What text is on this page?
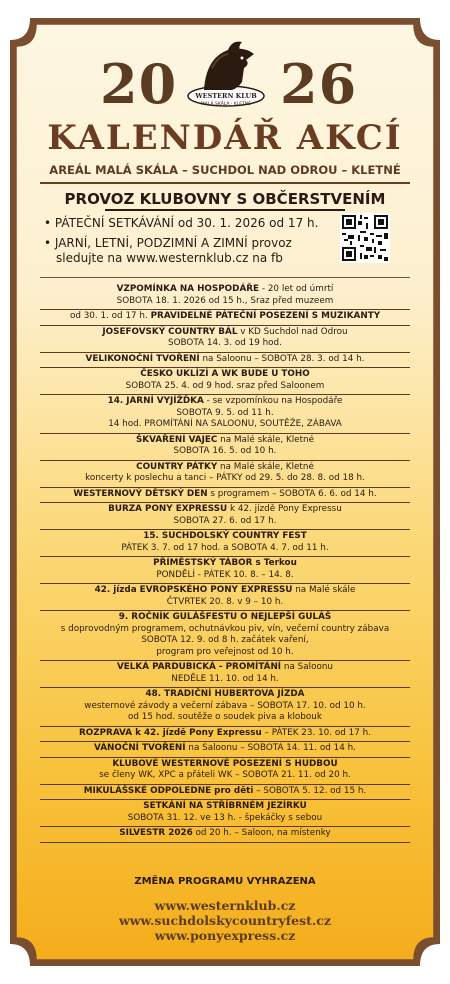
20	WESTERN KLUB
MALÁ SKÁLA · KLETNÉ 26
KALENDÁŘ AKCÍ
AREÁL MALÁ SKÁLA – SUCHDOL NAD ODROU – KLETNÉ
PROVOZ KLUBOVNY S OBČERSTVENÍM
• PÁTEČNÍ SETKÁVÁNÍ od 30. 1. 2026 od 17 h.
• JARNÍ, LETNÍ, PODZIMNÍ A ZIMNÍ provoz
sledujte na www.westernklub.cz na fb
VZPOMÍNKA NA HOSPODÁŘE - 20 let od úmrtí
SOBOTA 18. 1. 2026 od 15 h., Sraz před muzeem
od 30. 1. od 17 h. PRAVIDELNÉ PÁTEČNÍ POSEZENÍ S MUZIKANTY
JOSEFOVSKÝ COUNTRY BÁL v KD Suchdol nad Odrou
SOBOTA 14. 3. od 19 hod.
VELIKONOČNÍ TVOŘENÍ na Saloonu – SOBOTA 28. 3. od 14 h.
ČESKO UKLÍZÍ A WK BUDE U TOHO
SOBOTA 25. 4. od 9 hod. sraz před Saloonem
14. JARNÍ VYJÍŽĎKA - se vzpomínkou na Hospodáře
SOBOTA 9. 5. od 11 h.
14 hod. PROMÍTÁNÍ NA SALOONU, SOUTĚŽE, ZÁBAVA
ŠKVAŘENÍ VAJEC na Malé skále, Kletné
SOBOTA 16. 5. od 10 h.
COUNTRY PÁTKY na Malé skále, Kletné
koncerty k poslechu a tanci – PÁTKY od 29. 5. do 28. 8. od 18 h.
WESTERNOVÝ DĚTSKÝ DEN s programem – SOBOTA 6. 6. od 14 h.
BURZA PONY EXPRESSU k 42. jízdě Pony Expressu
SOBOTA 27. 6. od 17 h.
15. SUCHDOLSKÝ COUNTRY FEST
PÁTEK 3. 7. od 17 hod. a SOBOTA 4. 7. od 11 h.
PŘÍMĚSTSKÝ TÁBOR s Terkou
PONDĚLÍ - PÁTEK 10. 8. – 14. 8.
42. jízda EVROPSKÉHO PONY EXPRESSU na Malé skále
ČTVRTEK 20. 8. v 9 – 10 h.
9. ROČNÍK GULÁŠFESTU O NEJLEPŠÍ GULÁŠ
s doprovodným programem, ochutnávkou piv, vín, večerní country zábava
SOBOTA 12. 9. od 8 h. začátek vaření,
program pro veřejnost od 10 h.
VELKÁ PARDUBICKÁ - PROMÍTÁNÍ na Saloonu
NEDĚLE 11. 10. od 14 h.
48. TRADIČNÍ HUBERTOVA JÍZDA
westernové závody a večerní zábava – SOBOTA 17. 10. od 10 h.
od 15 hod. soutěže o soudek piva a klobouk
ROZPRAVA k 42. jízdě Pony Expressu – PÁTEK 23. 10. od 17 h.
VÁNOČNÍ TVOŘENÍ na Saloonu – SOBOTA 14. 11. od 14 h.
KLUBOVÉ WESTERNOVÉ POSEZENÍ S HUDBOU
se členy WK, XPC a přáteli WK – SOBOTA 21. 11. od 20 h.
MIKULÁŠSKÉ ODPOLEDNE pro děti – SOBOTA 5. 12. od 15 h.
SETKÁNÍ NA STŘÍBRNÉM JEZÍRKU
SOBOTA 31. 12. ve 13 h. - špekáčky s sebou
SILVESTR 2026 od 20 h. – Saloon, na místenky
ZMĚNA PROGRAMU VYHRAZENA
www.westernklub.cz
www.suchdolskycountryfest.cz
www.ponyexpress.cz
